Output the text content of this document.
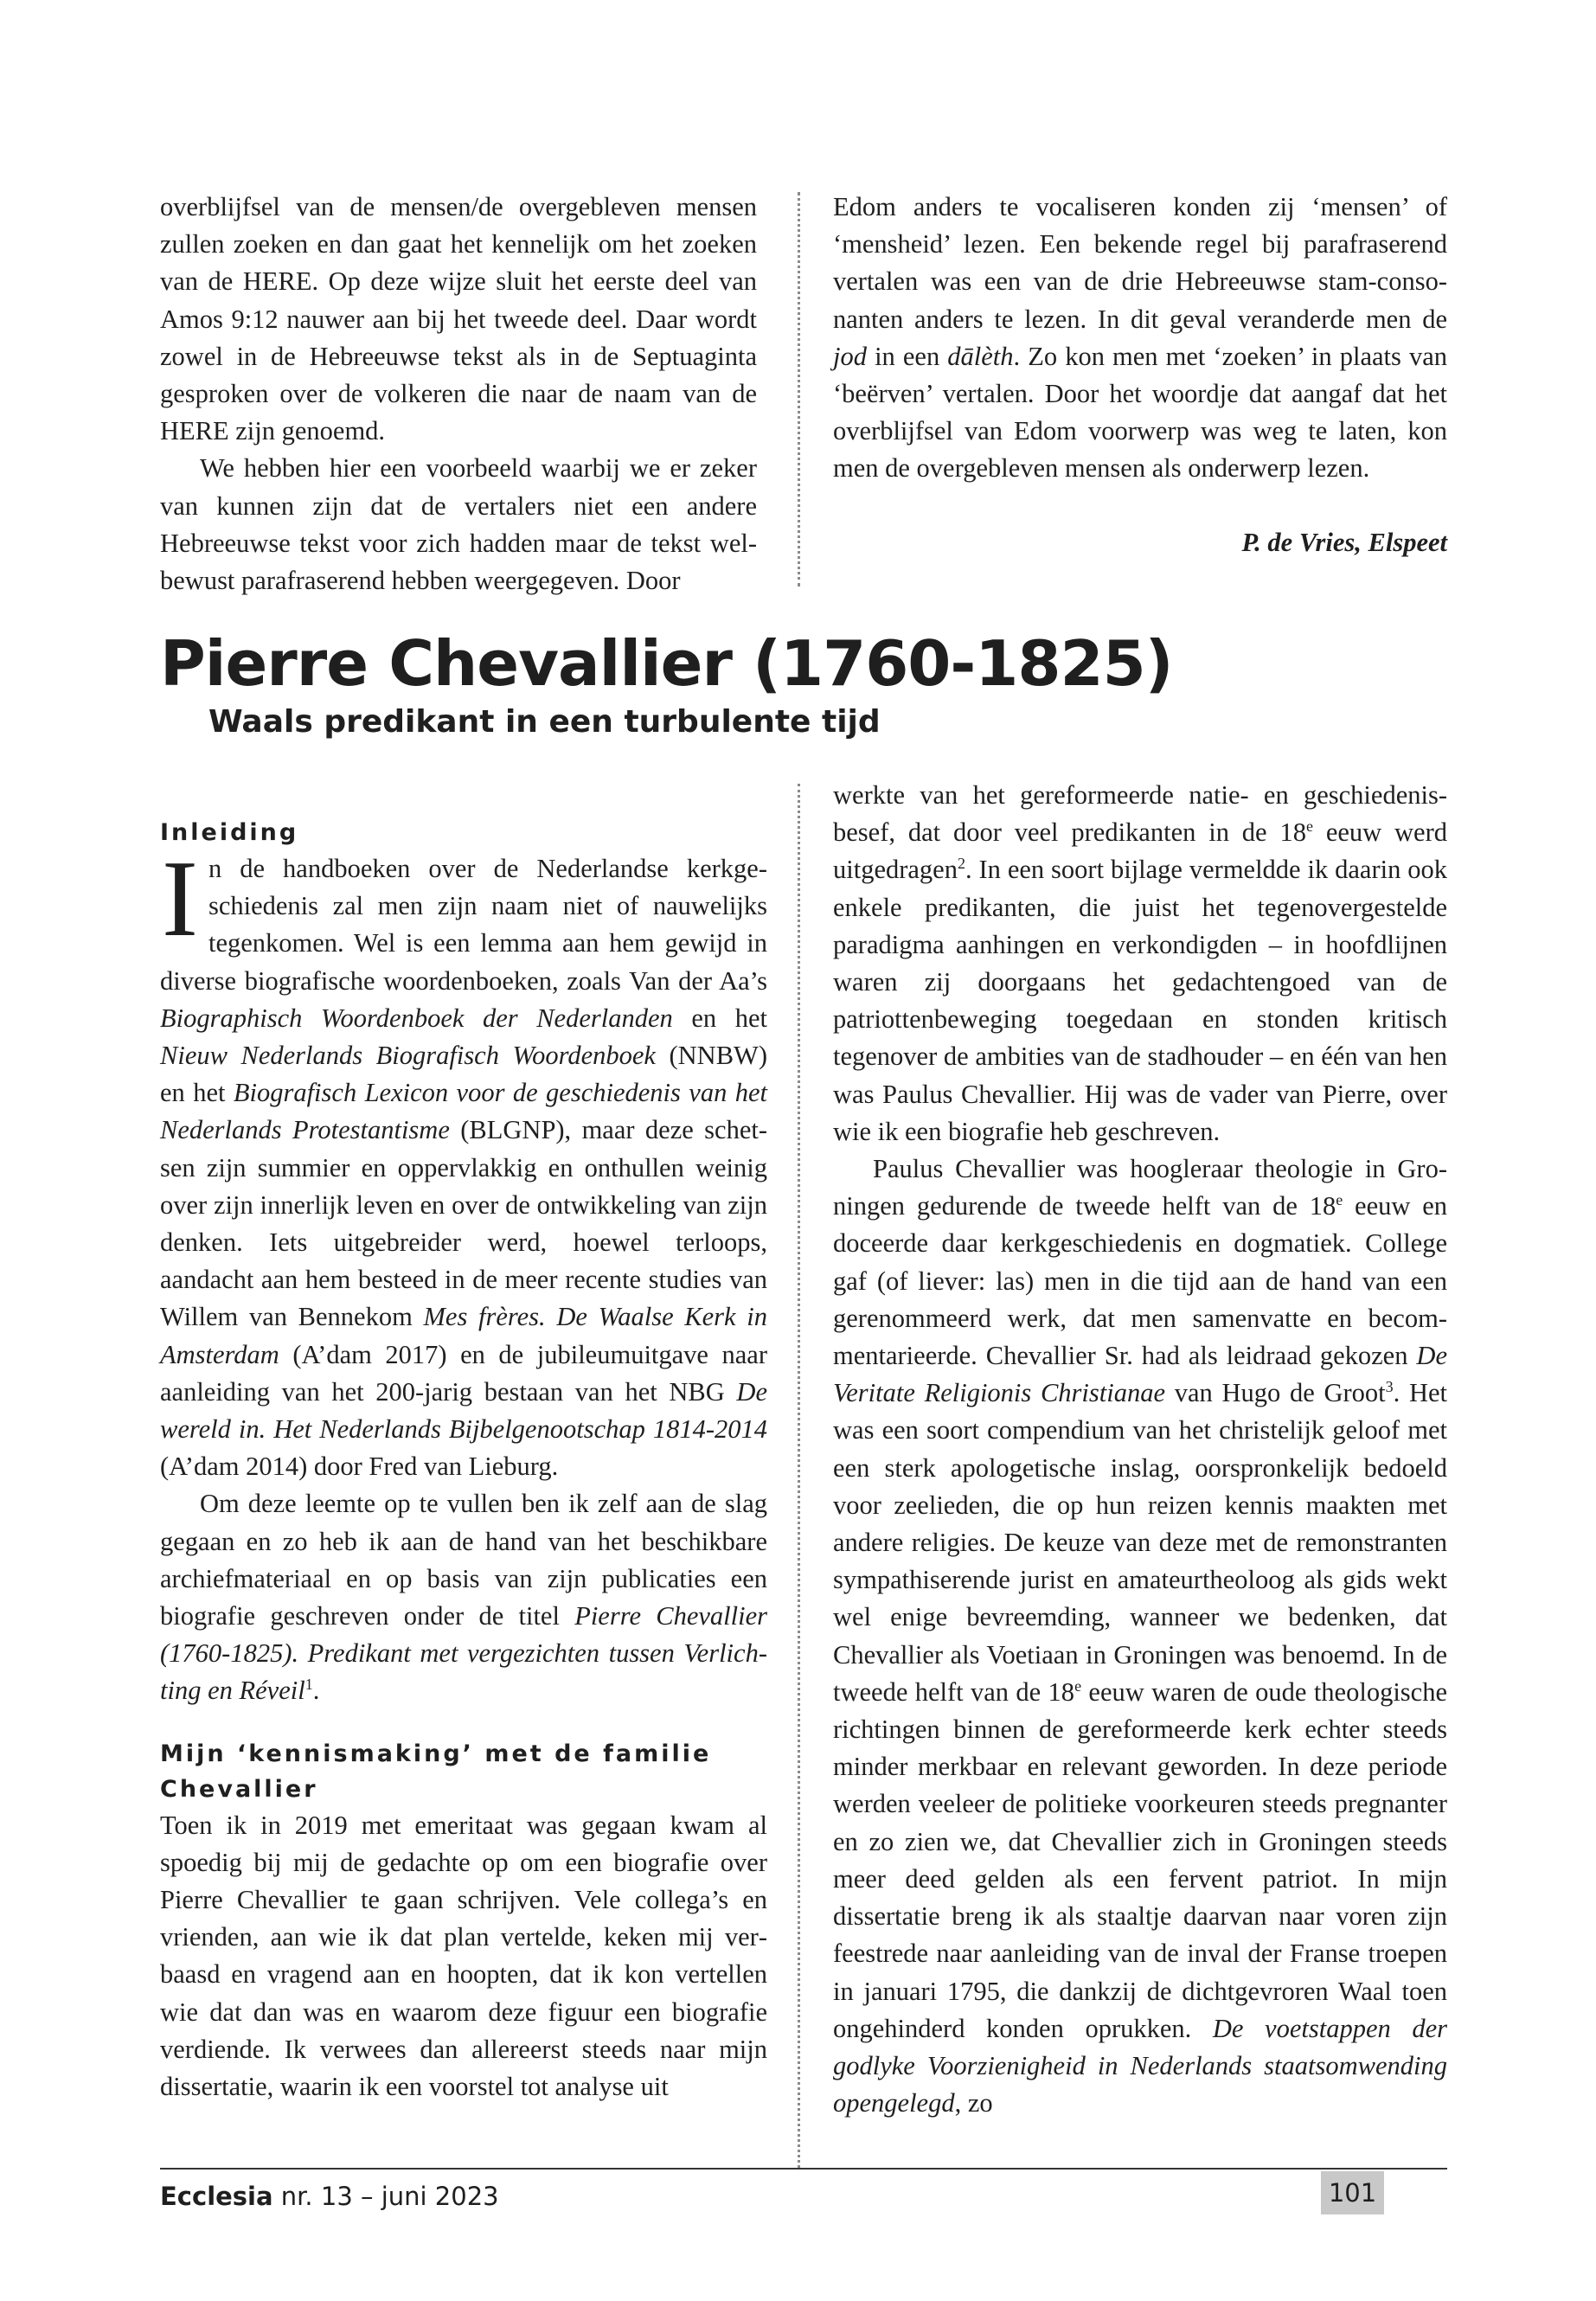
overblijfsel van de mensen/de overgebleven mensen zullen zoeken en dan gaat het kennelijk om het zoeken van de HERE. Op deze wijze sluit het eerste deel van Amos 9:12 nauwer aan bij het tweede deel. Daar wordt zowel in de Hebreeuwse tekst als in de Septuaginta gesproken over de volkeren die naar de naam van de HERE zijn genoemd.

We hebben hier een voorbeeld waarbij we er zeker van kunnen zijn dat de vertalers niet een andere Hebreeuwse tekst voor zich hadden maar de tekst welbewust parafraserend hebben weergegeven. Door

Edom anders te vocaliseren konden zij ‘mensen’ of ‘mensheid’ lezen. Een bekende regel bij parafraserend vertalen was een van de drie Hebreeuwse stam-consonanten anders te lezen. In dit geval veranderde men de jod in een dālèth. Zo kon men met ‘zoeken’ in plaats van ‘beërven’ vertalen. Door het woordje dat aangaf dat het overblijfsel van Edom voorwerp was weg te laten, kon men de overgebleven mensen als onderwerp lezen.

P. de Vries, Elspeet

Pierre Chevallier (1760-1825)
Waals predikant in een turbulente tijd
Inleiding

In de handboeken over de Nederlandse kerkgeschiedenis zal men zijn naam niet of nauwelijks tegenkomen. Wel is een lemma aan hem gewijd in diverse biografische woordenboeken, zoals Van der Aa’s Biographisch Woordenboek der Nederlanden en het Nieuw Nederlands Biografisch Woordenboek (NNBW) en het Biografisch Lexicon voor de geschiedenis van het Nederlands Protestantisme (BLGNP), maar deze schetsen zijn summier en oppervlakkig en onthullen weinig over zijn innerlijk leven en over de ontwikkeling van zijn denken. Iets uitgebreider werd, hoewel terloops, aandacht aan hem besteed in de meer recente studies van Willem van Bennekom Mes frères. De Waalse Kerk in Amsterdam (A’dam 2017) en de jubileumuitgave naar aanleiding van het 200-jarig bestaan van het NBG De wereld in. Het Nederlands Bijbelgenootschap 1814-2014 (A’dam 2014) door Fred van Lieburg.

Om deze leemte op te vullen ben ik zelf aan de slag gegaan en zo heb ik aan de hand van het beschikbare archiefmateriaal en op basis van zijn publicaties een biografie geschreven onder de titel Pierre Chevallier (1760-1825). Predikant met vergezichten tussen Verlichting en Réveil$^1$.

Mijn ‘kennismaking’ met de familie Chevallier

Toen ik in 2019 met emeritaat was gegaan kwam al spoedig bij mij de gedachte op om een biografie over Pierre Chevallier te gaan schrijven. Vele collega’s en vrienden, aan wie ik dat plan vertelde, keken mij verbaasd en vragend aan en hoopten, dat ik kon vertellen wie dat dan was en waarom deze figuur een biografie verdiende. Ik verwees dan allereerst steeds naar mijn dissertatie, waarin ik een voorstel tot analyse uit

werkte van het gereformeerde natie- en geschiedenisbesef, dat door veel predikanten in de 18e eeuw werd uitgedragen$^2$. In een soort bijlage vermeldde ik daarin ook enkele predikanten, die juist het tegenovergestelde paradigma aanhingen en verkondigden – in hoofdlijnen waren zij doorgaans het gedachtengoed van de patriottenbeweging toegedaan en stonden kritisch tegenover de ambities van de stadhouder – en één van hen was Paulus Chevallier. Hij was de vader van Pierre, over wie ik een biografie heb geschreven.

Paulus Chevallier was hoogleraar theologie in Groningen gedurende de tweede helft van de 18e eeuw en doceerde daar kerkgeschiedenis en dogmatiek. College gaf (of liever: las) men in die tijd aan de hand van een gerenommeerd werk, dat men samenvatte en becommentarieerde. Chevallier Sr. had als leidraad gekozen De Veritate Religionis Christianae van Hugo de Groot$^3$. Het was een soort compendium van het christelijk geloof met een sterk apologetische inslag, oorspronkelijk bedoeld voor zeelieden, die op hun reizen kennis maakten met andere religies. De keuze van deze met de remonstranten sympathiserende jurist en amateurtheoloog als gids wekt wel enige bevreemding, wanneer we bedenken, dat Chevallier als Voetiaan in Groningen was benoemd. In de tweede helft van de 18e eeuw waren de oude theologische richtingen binnen de gereformeerde kerk echter steeds minder merkbaar en relevant geworden. In deze periode werden veeleer de politieke voorkeuren steeds pregnanter en zo zien we, dat Chevallier zich in Groningen steeds meer deed gelden als een fervent patriot. In mijn dissertatie breng ik als staaltje daarvan naar voren zijn feestrede naar aanleiding van de inval der Franse troepen in januari 1795, die dankzij de dichtgevroren Waal toen ongehinderd konden oprukken. De voetstappen der godlyke Voorzienigheid in Nederlands staatsomwending opengelegd, zo

Ecclesia nr. 13 – juni 2023	101
